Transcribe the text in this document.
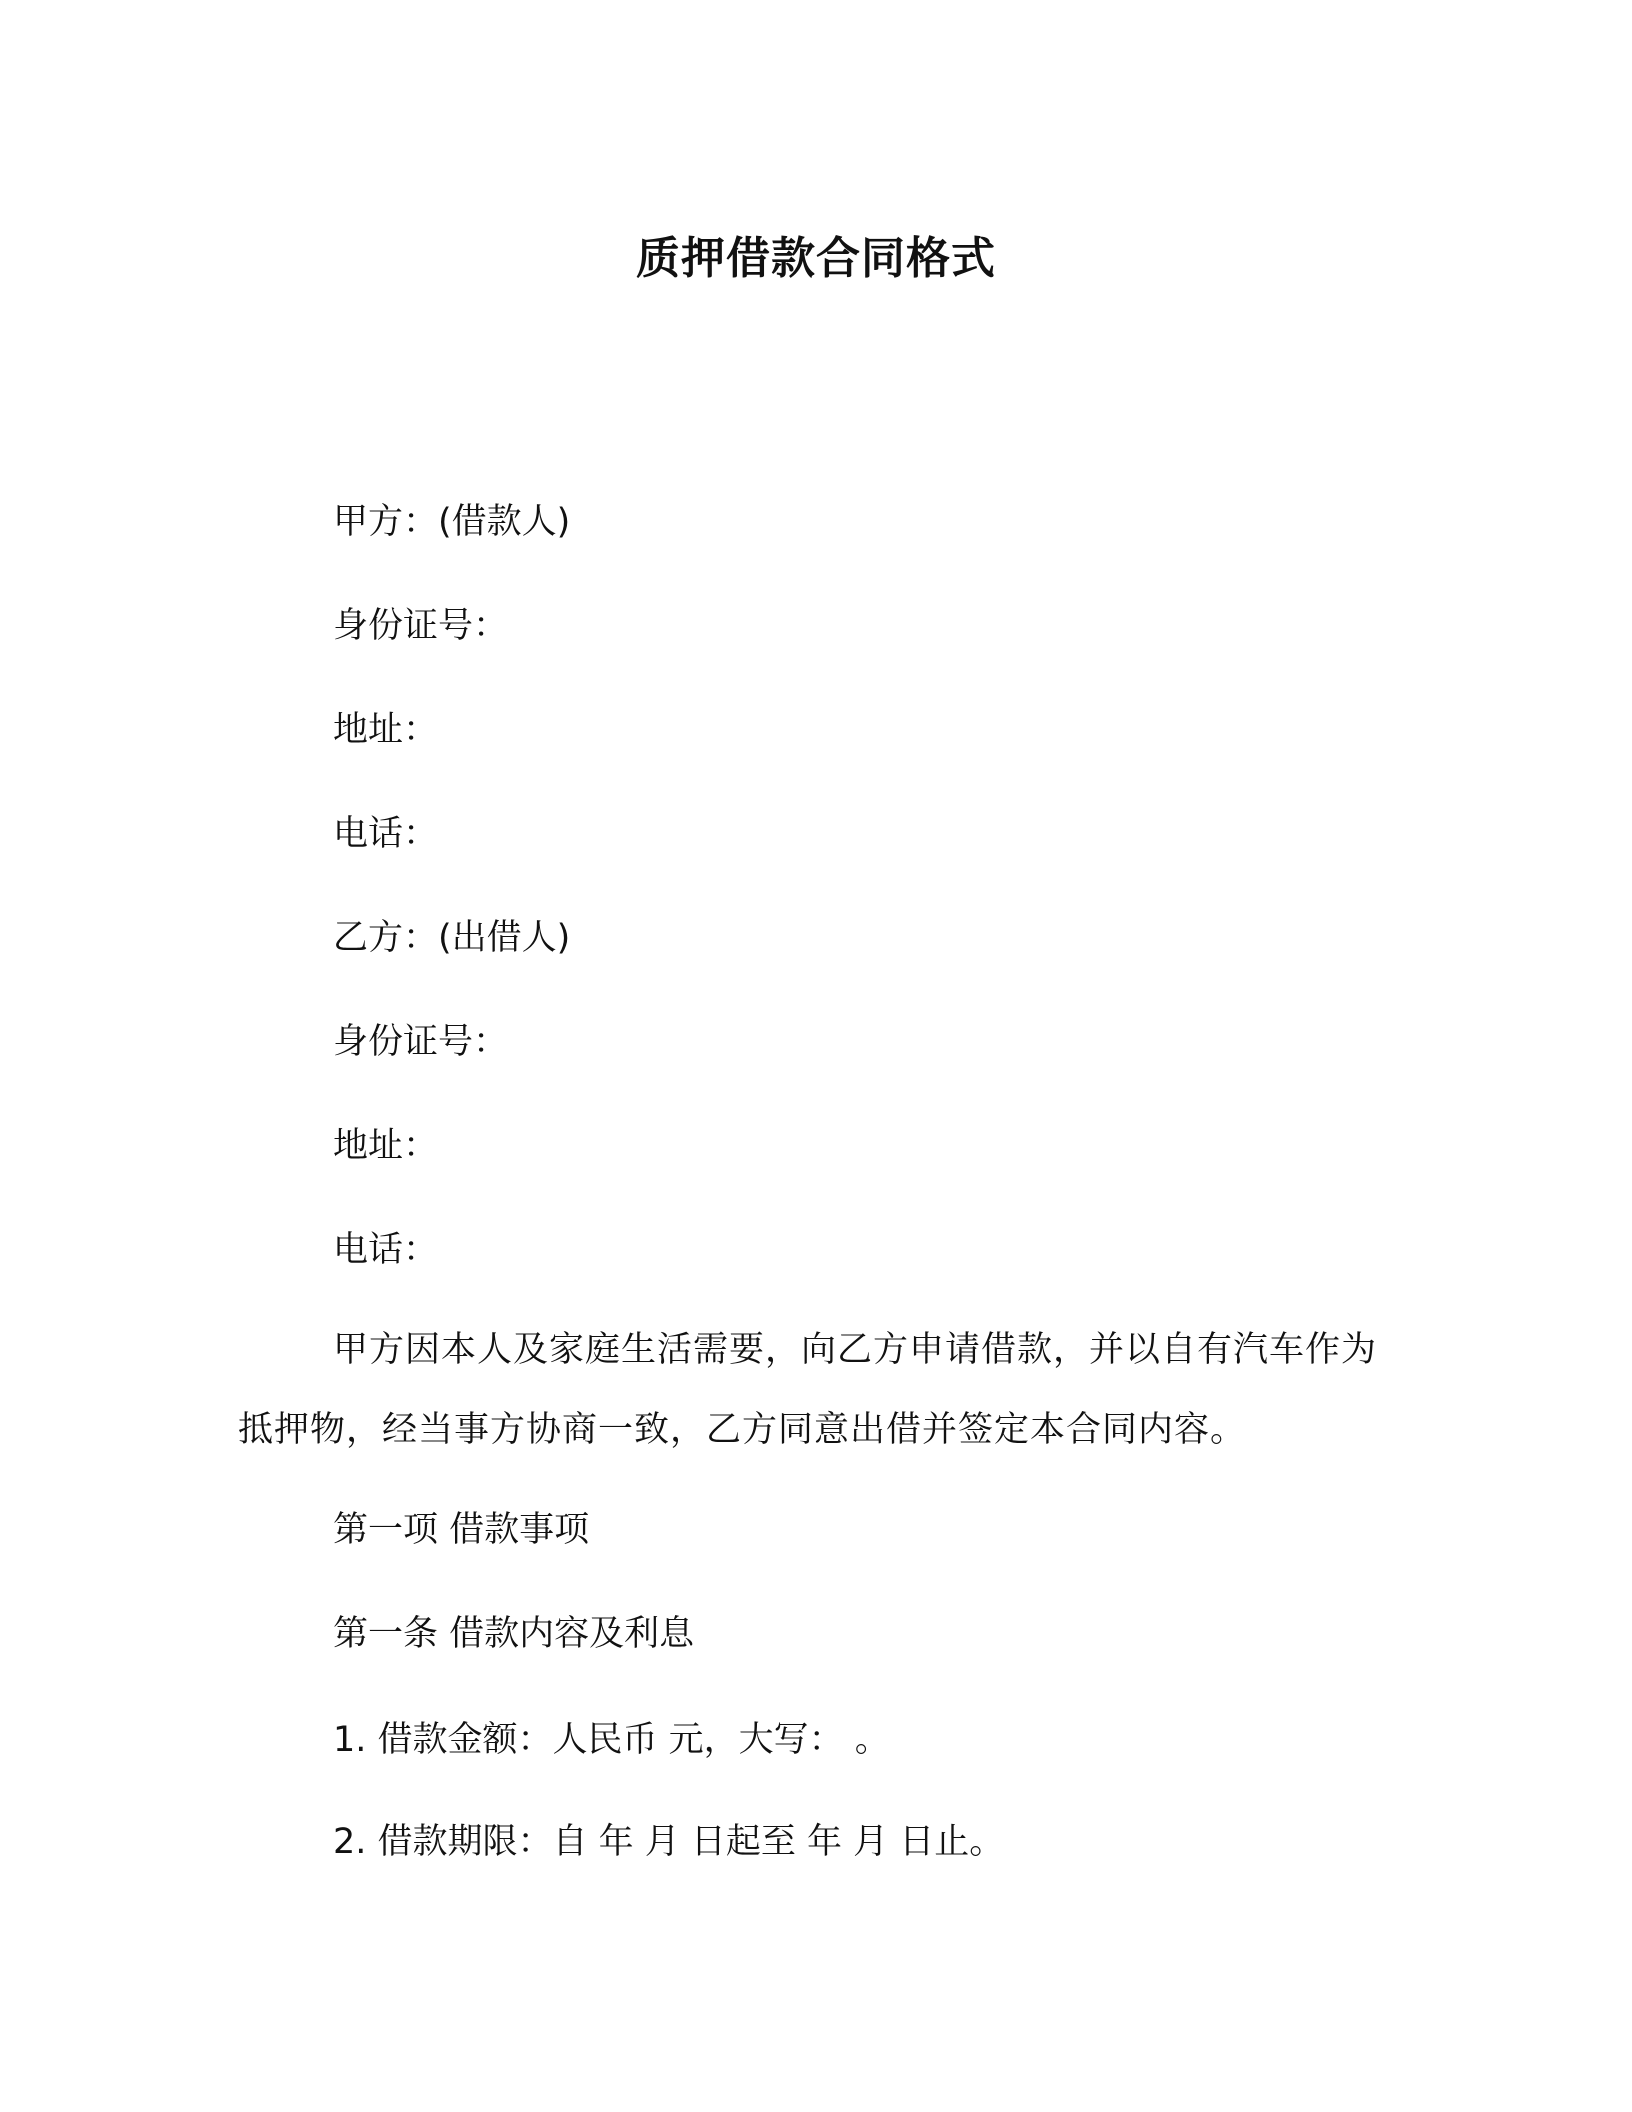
质押借款合同格式

甲方：(借款人)

身份证号：

地址：

电话：

乙方：(出借人)

身份证号：

地址：

电话：

甲方因本人及家庭生活需要，向乙方申请借款，并以自有汽车作为抵押物，经当事方协商一致，乙方同意出借并签定本合同内容。

第一项 借款事项

第一条 借款内容及利息

1. 借款金额：人民币 元，大写： 。

2. 借款期限：自 年 月 日起至 年 月 日止。
